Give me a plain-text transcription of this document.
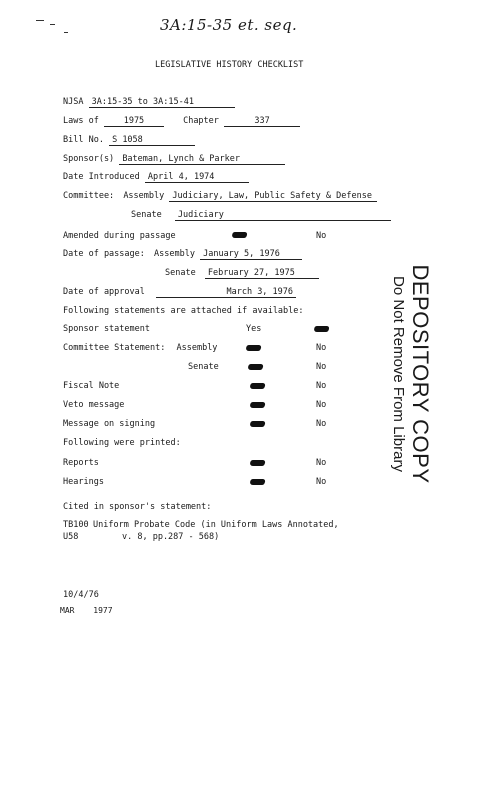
3A:15-35 et. seq.
LEGISLATIVE HISTORY CHECKLIST
NJSA 3A:15-35 to 3A:15-41
Laws of	1975	Chapter	337
Bill No. S 1058
Sponsor(s) Bateman, Lynch & Parker
Date Introduced April 4, 1974
Committee: Assembly Judiciary, Law, Public Safety & Defense
Senate Judiciary
Amended during passage	No
Date of passage: Assembly January 5, 1976
Senate February 27, 1975
Date of approval	March 3, 1976
Following statements are attached if available:
Sponsor statement	Yes
Committee Statement: Assembly	No
Senate	No
Fiscal Note	No
Veto message	No
Message on signing	No
Following were printed:
Reports	No
Hearings	No
Cited in sponsor's statement:
TB100 Uniform Probate Code (in Uniform Laws Annotated,
U58	v. 8, pp.287 - 568)
10/4/76
MAR 1977
DEPOSITORY COPY
Do Not Remove From Library
